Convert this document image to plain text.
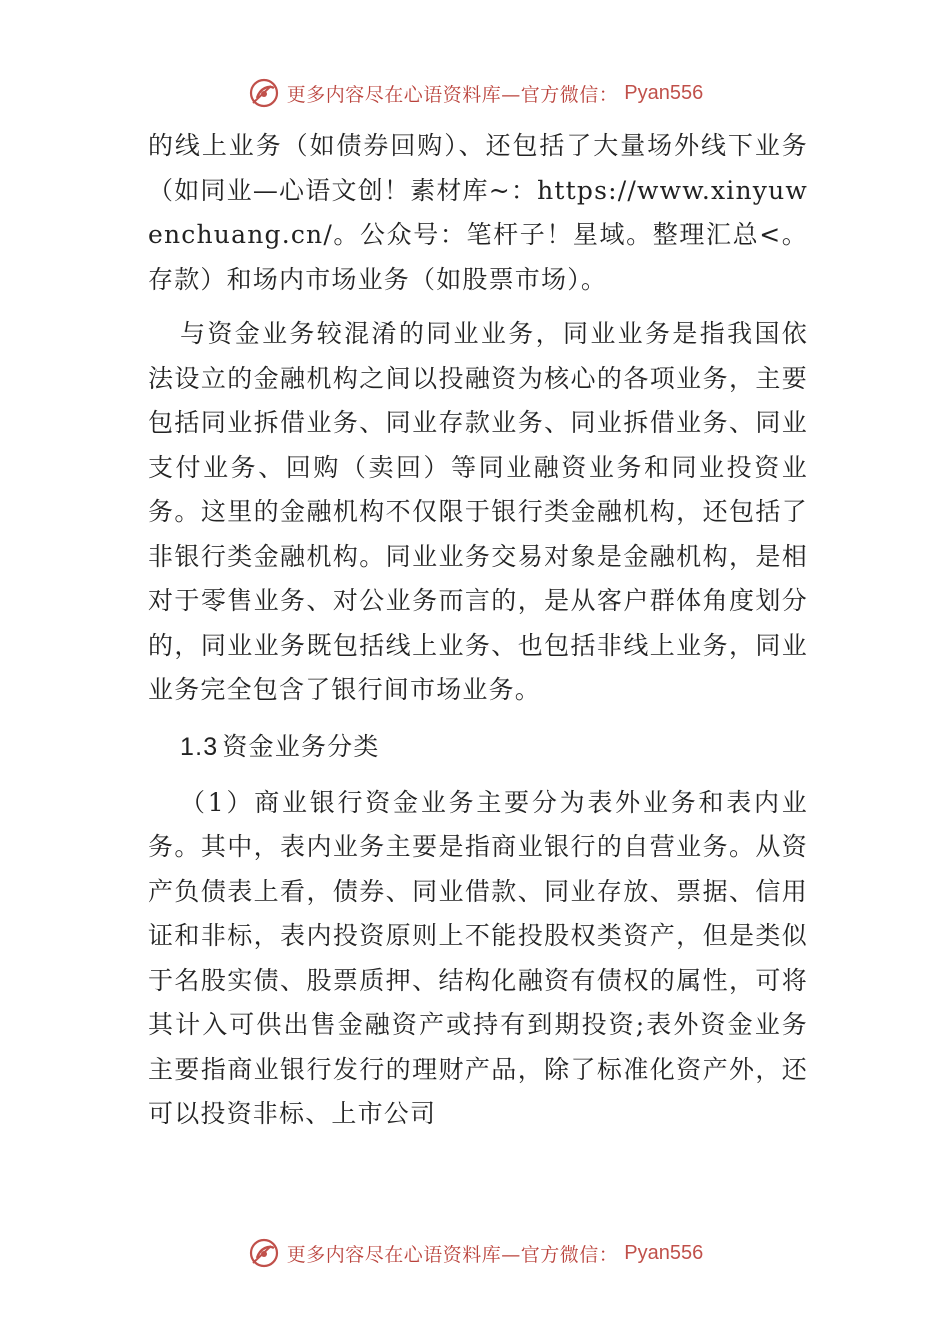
更多内容尽在心语资料库—官方微信： Pyan556

的线上业务（如债券回购）、还包括了大量场外线下业务（如同业—心语文创！素材库~：https://www.xinyuwenchuang.cn/。公众号：笔杆子！星域。整理汇总<。存款）和场内市场业务（如股票市场）。

与资金业务较混淆的同业业务，同业业务是指我国依法设立的金融机构之间以投融资为核心的各项业务，主要包括同业拆借业务、同业存款业务、同业拆借业务、同业支付业务、回购（卖回）等同业融资业务和同业投资业务。这里的金融机构不仅限于银行类金融机构，还包括了非银行类金融机构。同业业务交易对象是金融机构，是相对于零售业务、对公业务而言的，是从客户群体角度划分的，同业业务既包括线上业务、也包括非线上业务，同业业务完全包含了银行间市场业务。

1.3 资金业务分类

（1）商业银行资金业务主要分为表外业务和表内业务。其中，表内业务主要是指商业银行的自营业务。从资产负债表上看，债券、同业借款、同业存放、票据、信用证和非标，表内投资原则上不能投股权类资产，但是类似于名股实债、股票质押、结构化融资有债权的属性，可将其计入可供出售金融资产或持有到期投资;表外资金业务主要指商业银行发行的理财产品，除了标准化资产外，还可以投资非标、上市公司

更多内容尽在心语资料库—官方微信： Pyan556
